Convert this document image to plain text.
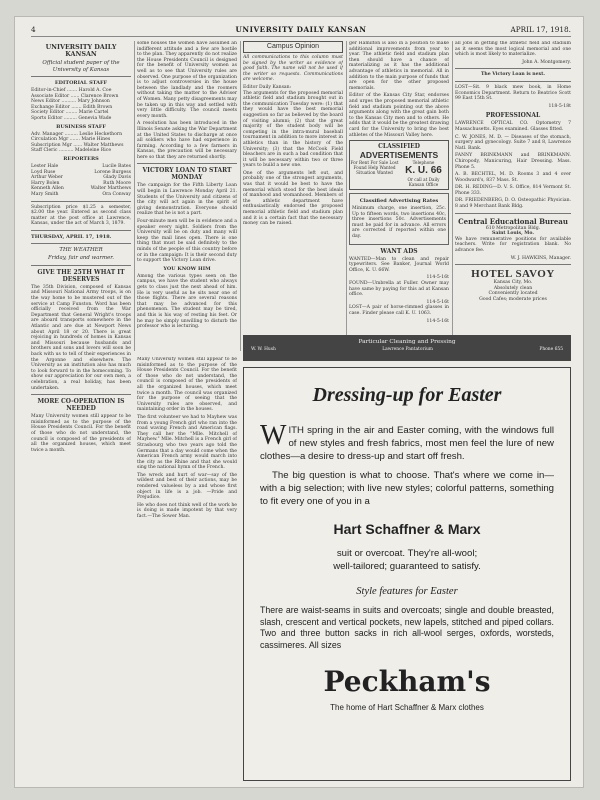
4	UNIVERSITY DAILY KANSAN	APRIL 17, 1918.
UNIVERSITY DAILY KANSAN
Official student paper of the University of Kansas
EDITORIAL STAFF
Editor-in-Chief ....... Harold A. Coe
Associate Editor ...... Clarence Brown
News Editor .......... Mary Johnson
Exchange Editor ....... Edith Brown
Society Editor ........ Marie Cartel
Sports Editor ......... Genevia Wade
BUSINESS STAFF
Adv. Manager ......... Leslie Heckethorn
Circulation Mgr ....... Marie Hines
Subscription Mgr ...... Walter Matthews
Staff Cleric .......... Madeleine Rice
REPORTERS
Lester Hale	Lucile Bates
Loyd Ruse	Lorene Burgess
Arthur Weber	Glady Davis
Harry Bolen	Ruth Moore
Kenneth Allen	Walter Marthews
Mary Smith	Ora Conway
Subscription price $1.25 a semester, $2.00 the year. Entered as second class matter at the post office at Lawrence, Kansas, under the act of March 3, 1879.
THURSDAY, APRIL 17, 1918.
THE WEATHER
Friday, fair and warmer.
GIVE THE 25TH WHAT IT DESERVES
The 35th Division, composed of Kansas and Missouri National Army troops, is on the way home to be mustered out of the service at Camp Funston. Word has been officially received from the War Department that General Wright's troops are aboard transports somewhere in the Atlantic and are due at Newport News about April 18 or 20. There is great rejoicing in hundreds of homes in Kansas and Missouri because husbands and brothers and sons and lovers will soon be back with us to tell of their experiences in the Argonne and elsewhere. The University as an institution also has much to look forward to in the homecoming. To show our appreciation for our own men, a celebration, a real holiday, has been undertaken.
MORE CO-OPERATION IS NEEDED
Many University women still appear to be misinformed as to the purpose of the House Presidents Council. For the benefit of those who do not understand, the council is composed of the presidents of all the organized houses, which meet twice a month.
some houses the women have assumed an indifferent attitude and a few are hostile to the plan. They apparently do not realize the House Presidents Council is designed for the benefit of University women as well as to see that University rules are observed. One purpose of the organization is to adjust controversies in the house between the landlady and the roomers without taking the matter to the Adviser of Women. Many petty disagreements may be taken up in this way and settled with very little difficulty. The council meets every month.
A resolution has been introduced in the Illinois Senate asking the War Department at the United States to discharge at once all soldiers who have had experience in farming. According to a few farmers in Kansas, the precaution will be necessary here so that they are returned shortly.
VICTORY LOAN TO START MONDAY
The campaign for the Fifth Liberty Loan will begin in Lawrence Monday April 21. Students of the University and citizens of the city will act again in the spirit of giving demonstration. Everyone should realize that he is not a part.
Four-minute men will be in evidence and a speaker every night. Soldiers from the University will be on duty and many will keep the mail lines open. There is one thing that must be said definitely to the minds of the people of this country before or in the campaign: It is their second duty to support the Victory Loan drive.
YOU KNOW HIM
Among the various types seen on the campus, we have the student who always gets to class just the next ahead of him. He is very useful as he sits near one of those flights. There are several reasons that may be advanced for this phenomenon. The student may be tired, and this is his way of resting his feet. Or he may be simply unwilling to disturb the professor who is lecturing.
Many University women still appear to be misinformed as to the purpose of the House Presidents Council. For the benefit of those who do not understand, the council is composed of the presidents of all the organized houses, which meet twice a month. The council was organized for the purpose of seeing that the University rules are observed, and maintaining order in the houses.
The first volunteer we had to Mayhew was from a young French girl who ran into the road waving French and American flags. They call her the "Mlle. Mitchell of Mayhew." Mlle. Mitchell is a French girl of Strasbourg who two years ago told the Germans that a day would come when the American French army would march into the city as the Rhine and that she would sing the national hymn of the French.
The wreck and hurt of war—say of the wildest and best of their actions, may be rendered valueless by a and whose first object in life is a job. —Pride and Prejudice.
He who does not think well of the work he is doing is made impotent by that very fact.—The Sower Man.
Campus Opinion
All communications to this column must be signed by the writer as evidence of good faith. The name will not be used if the writer so requests. Communications are welcome.
Editor Daily Kansan:
The arguments for the proposed memorial athletic field and stadium brought out in the communication Tuesday were: (1) that they would have the best memorial suggestion so far as believed by the board of visiting alumni; (2) that the great majority of the student body will be competing in the intra-mural baseball tournament in addition to more interest in athletics than in the history of the University; (3) that the McCook Field bleachers are in such a bad condition that it will be necessary within two or three years to build a new one.
One of the arguments left out, and probably one of the strongest arguments, was that it would be best to have the memorial which stood for the best ideals of manhood and womanhood. Members of the athletic department have enthusiastically endorsed the proposed memorial athletic field and stadium plan and it is a certain fact that the necessary money can be raised.
ger Hamilton is also in a position to make additional improvements from year to year. The athletic field and stadium plan then should have a chance of materializing as it has the additional advantage of athletics in memorial. All in addition to the main purpose of funds that are open for the other proposed memorials.
Editor of the Kansas City Star, endorses and urges the proposed memorial athletic field and stadium pointing out the above arguments along with the great gain both to the Kansas City men and to others. He adds that it would be the greatest drawing card for the University to bring the best athletes of the Missouri Valley here.
CLASSIFIED
ADVERTISEMENTS
For Rent For Sale Lost Found Help Wanted Situation Wanted
Telephone
K. U. 66
Or call at Daily Kansan Office
Classified Advertising Rates
Minimum charge, one insertion, 25c. Up to fifteen words, two insertions 40c, three insertions 50c. Advertisements must be paid for in advance. All errors are corrected if reported within one day.
WANT ADS
WANTED—Man to clean and repair typewriters. See Banker, Journal World Office, K. U. 66W.
114-5-16t
FOUND—Umbrella at Fuller. Owner may have same by paying for this ad at Kansan office.
114-5-16t
LOST—A pair of horse-rimmed glasses in case. Finder please call K. U. 1063.
114-5-16t
all jobs in getting the athletic field and stadium as it seems the most logical memorial and one which is most likely to materialize.
John A. Montgomery.
The Victory Loan is next.
LOST—Sit. 9 black mew book, in Home Economics Department. Return to Beatrice Scott 99 East 15th St.
118-5-18t
PROFESSIONAL
LAWRENCE OPTICAL CO. Optometry 7 Massachusetts. Eyes examined. Glasses fitted.
C. W. JONES, M. D. — Diseases of the stomach, surgery and gynecology. Suite 7 and 8, Lawrence Natl. Bank.
FANNY BRINKMANN and BRINKMANN. Chiropody, Manicuring, Hair Dressing. Mass. Phone 5.
A. B. BECHTEL, M. D. Rooms 3 and 4 over Woodward's, 837 Mass. St.
DR. H. REDING—D. V. S. Office, 814 Vermont St. Phone 333.
DR. FRIEDENBERG, D. O. Osteopathic Physician. 8 and 9 Merchant Bank Bldg.
Central Educational Bureau
610 Metropolitan Bldg.
Saint Louis, Mo.
We have remunerative positions for available teachers. Write for registration blank. No advance fee.
W. J. HAWKINS, Manager.
HOTEL SAVOY
Kansas City, Mo.
Absolutely clean
Conveniently located
Good Cafes; moderate prices
Particular Cleaning and Pressing
W. W. Hush	Lawrence Pantatorium	Phone 655
Dressing-up for Easter
WITH spring in the air and Easter coming, with the windows full of new styles and fresh fabrics, most men feel the lure of new clothes—a desire to dress-up and start off fresh.
The big question is what to choose. That's where we come in—with a big selection; with live new styles; colorful patterns, something to fit every one of you in a
Hart Schaffner & Marx
suit or overcoat. They're all-wool;
well-tailored; guaranteed to satisfy.
Style features for Easter
There are waist-seams in suits and overcoats; single and double breasted, slash, crescent and vertical pockets, new lapels, stitched and piped collars. Two and three button sacks in rich all-wool serges, oxfords, worsteds, cassimeres. All sizes
Peckham's
The home of Hart Schaffner & Marx clothes
